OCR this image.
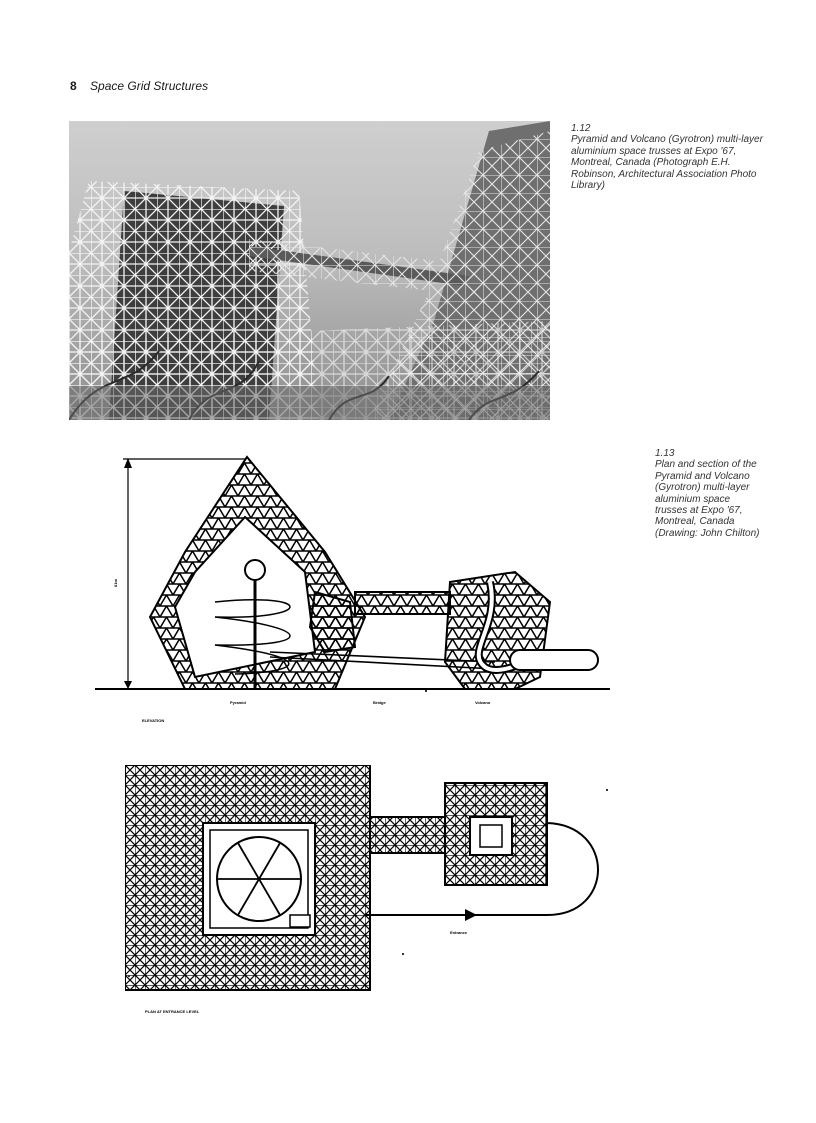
8 Space Grid Structures
1.12
Pyramid and Volcano (Gyrotron) multi-layer aluminium space trusses at Expo '67, Montreal, Canada (Photograph E.H. Robinson, Architectural Association Photo Library)
61m
Pyramid	Bridge	Volcano
ELEVATION
1.13
Plan and section of the Pyramid and Volcano (Gyrotron) multi-layer aluminium space trusses at Expo '67, Montreal, Canada (Drawing: John Chilton)
Entrance
PLAN AT ENTRANCE LEVEL
